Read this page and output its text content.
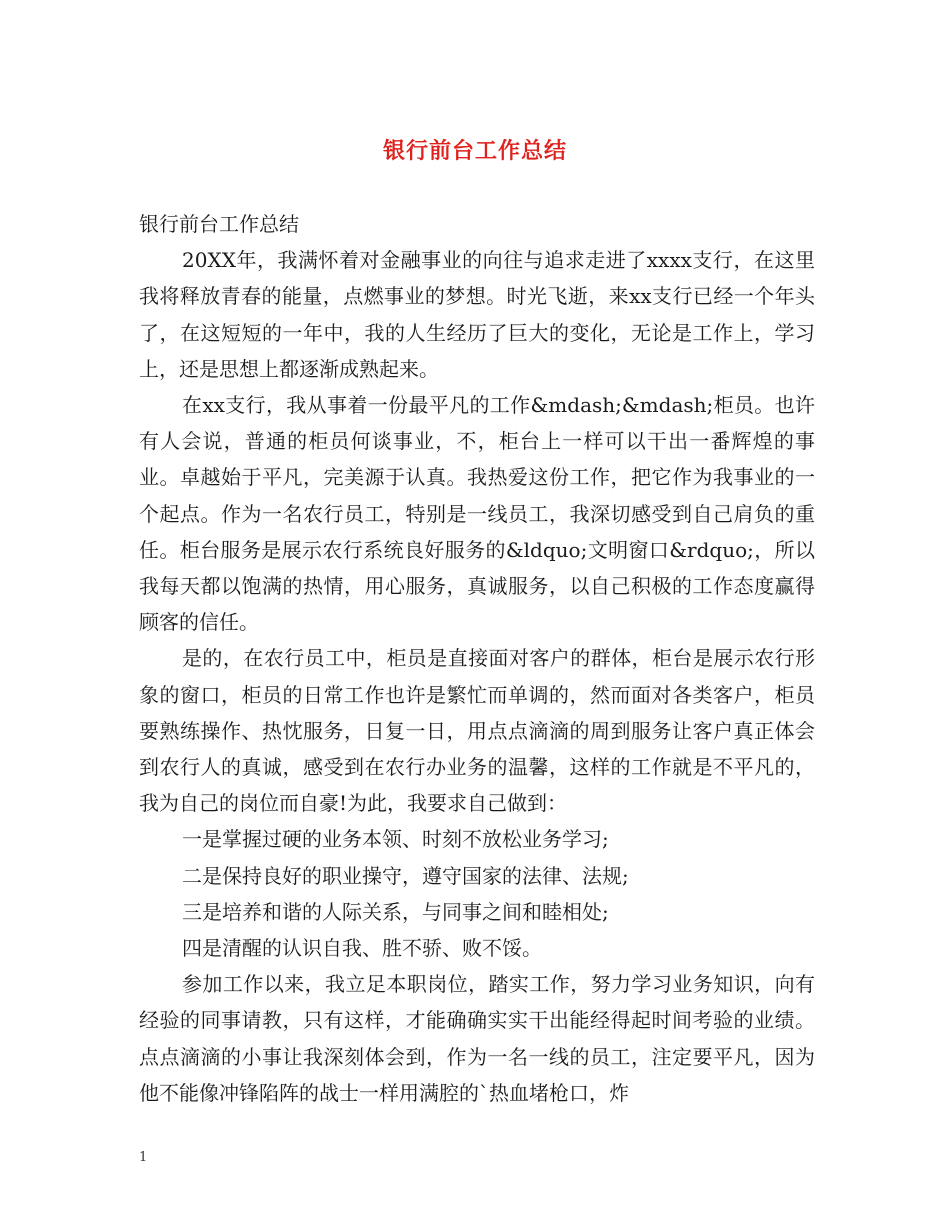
银行前台工作总结

银行前台工作总结

20XX年，我满怀着对金融事业的向往与追求走进了xxxx支行，在这里我将释放青春的能量，点燃事业的梦想。时光飞逝，来xx支行已经一个年头了，在这短短的一年中，我的人生经历了巨大的变化，无论是工作上，学习上，还是思想上都逐渐成熟起来。

在xx支行，我从事着一份最平凡的工作&mdash;&mdash;柜员。也许有人会说，普通的柜员何谈事业，不，柜台上一样可以干出一番辉煌的事业。卓越始于平凡，完美源于认真。我热爱这份工作，把它作为我事业的一个起点。作为一名农行员工，特别是一线员工，我深切感受到自己肩负的重任。柜台服务是展示农行系统良好服务的&ldquo;文明窗口&rdquo;，所以我每天都以饱满的热情，用心服务，真诚服务，以自己积极的工作态度赢得顾客的信任。

是的，在农行员工中，柜员是直接面对客户的群体，柜台是展示农行形象的窗口，柜员的日常工作也许是繁忙而单调的，然而面对各类客户，柜员要熟练操作、热忱服务，日复一日，用点点滴滴的周到服务让客户真正体会到农行人的真诚，感受到在农行办业务的温馨，这样的工作就是不平凡的，我为自己的岗位而自豪!为此，我要求自己做到：

一是掌握过硬的业务本领、时刻不放松业务学习;

二是保持良好的职业操守，遵守国家的法律、法规;

三是培养和谐的人际关系，与同事之间和睦相处;

四是清醒的认识自我、胜不骄、败不馁。

参加工作以来，我立足本职岗位，踏实工作，努力学习业务知识，向有经验的同事请教，只有这样，才能确确实实干出能经得起时间考验的业绩。点点滴滴的小事让我深刻体会到，作为一名一线的员工，注定要平凡，因为他不能像冲锋陷阵的战士一样用满腔的`热血堵枪口，炸

1
